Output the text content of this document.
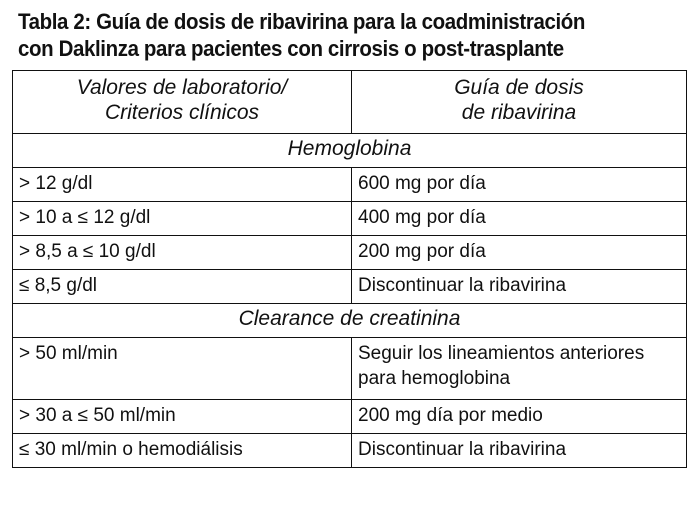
Tabla 2: Guía de dosis de ribavirina para la coadministración
con Daklinza para pacientes con cirrosis o post-trasplante
Valores de laboratorio/
Criterios clínicos	Guía de dosis
de ribavirina

Hemoglobina	
> 12 g/dl	600 mg por día
> 10 a ≤ 12 g/dl	400 mg por día
> 8,5 a ≤ 10 g/dl	200 mg por día
≤ 8,5 g/dl	Discontinuar la ribavirina
Clearance de creatinina	
> 50 ml/min	Seguir los lineamientos anteriores
para hemoglobina

> 30 a ≤ 50 ml/min	200 mg día por medio
≤ 30 ml/min o hemodiálisis	Discontinuar la ribavirina
